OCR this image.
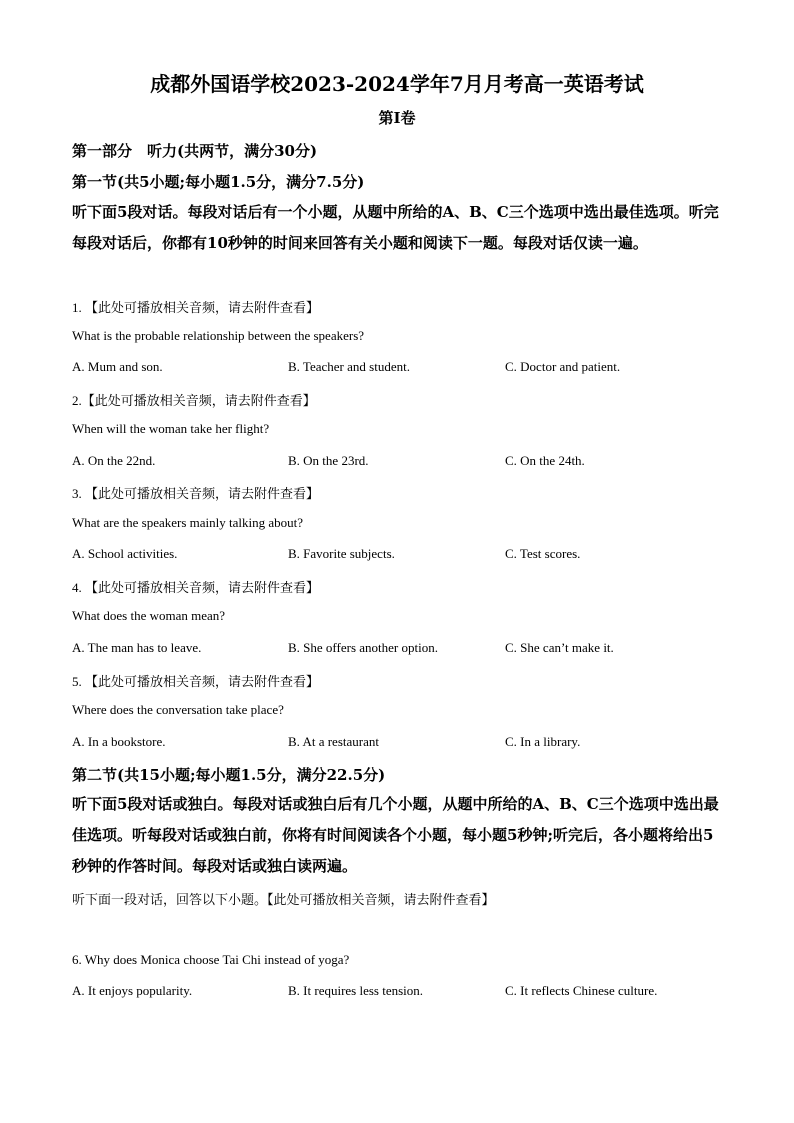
成都外国语学校2023-2024学年7月月考高一英语考试
第I卷
第一部分　听力(共两节，满分30分)
第一节(共5小题;每小题1.5分，满分7.5分)
听下面5段对话。每段对话后有一个小题，从题中所给的A、B、C三个选项中选出最佳选项。听完每段对话后，你都有10秒钟的时间来回答有关小题和阅读下一题。每段对话仅读一遍。
1. 【此处可播放相关音频，请去附件查看】
What is the probable relationship between the speakers?
A. Mum and son.	B. Teacher and student.	C. Doctor and patient.
2.【此处可播放相关音频，请去附件查看】
When will the woman take her flight?
A. On the 22nd.	B. On the 23rd.	C. On the 24th.
3. 【此处可播放相关音频，请去附件查看】
What are the speakers mainly talking about?
A. School activities.	B. Favorite subjects.	C. Test scores.
4. 【此处可播放相关音频，请去附件查看】
What does the woman mean?
A. The man has to leave.	B. She offers another option.	C. She can’t make it.
5. 【此处可播放相关音频，请去附件查看】
Where does the conversation take place?
A. In a bookstore.	B. At a restaurant	C. In a library.
第二节(共15小题;每小题1.5分，满分22.5分)
听下面5段对话或独白。每段对话或独白后有几个小题，从题中所给的A、B、C三个选项中选出最佳选项。听每段对话或独白前，你将有时间阅读各个小题，每小题5秒钟;听完后，各小题将给出5秒钟的作答时间。每段对话或独白读两遍。
听下面一段对话，回答以下小题。【此处可播放相关音频，请去附件查看】
6. Why does Monica choose Tai Chi instead of yoga?
A. It enjoys popularity.	B. It requires less tension.	C. It reflects Chinese culture.
